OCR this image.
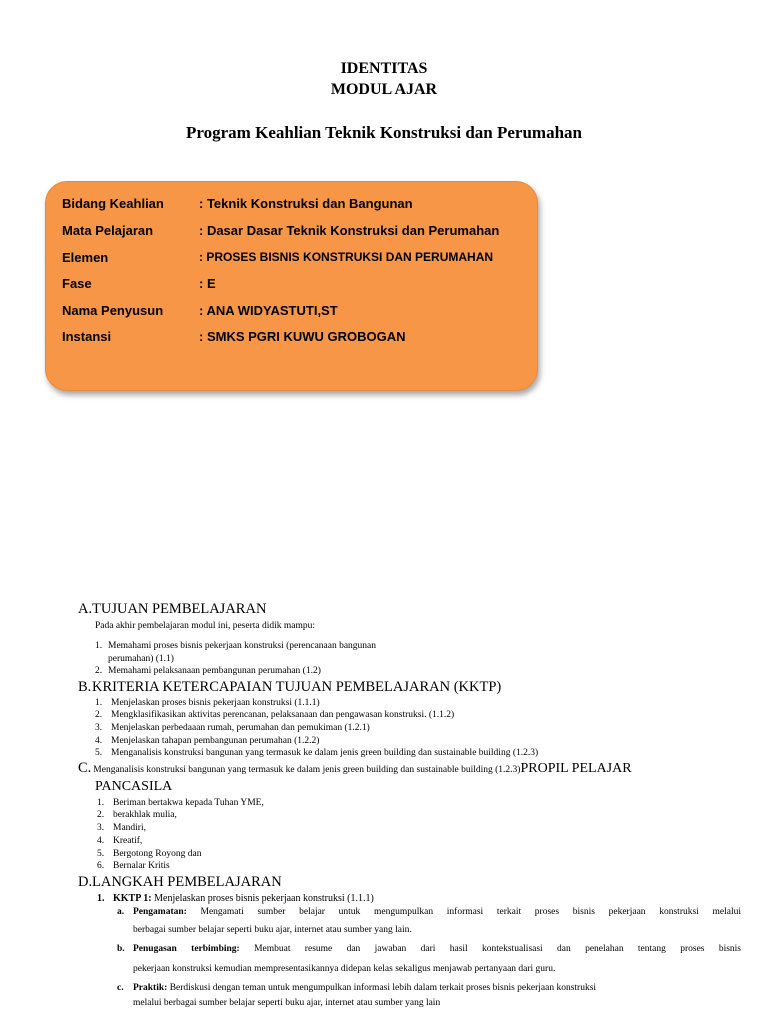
IDENTITAS
MODUL AJAR
Program Keahlian Teknik Konstruksi dan Perumahan
Bidang Keahlian	: Teknik Konstruksi dan Bangunan
Mata Pelajaran	: Dasar Dasar Teknik Konstruksi dan Perumahan
Elemen	: PROSES BISNIS KONSTRUKSI DAN PERUMAHAN
Fase	: E
Nama Penyusun	: ANA WIDYASTUTI,ST
Instansi	: SMKS PGRI KUWU GROBOGAN
A.TUJUAN PEMBELAJARAN
Pada akhir pembelajaran modul ini, peserta didik mampu:
1. Memahami proses bisnis pekerjaan konstruksi (perencanaan bangunan
perumahan) (1.1)
2. Memahami pelaksanaan pembangunan perumahan (1.2)
B.KRITERIA KETERCAPAIAN TUJUAN PEMBELAJARAN (KKTP)
1. Menjelaskan proses bisnis pekerjaan konstruksi (1.1.1)
2. Mengklasifikasikan aktivitas perencanan, pelaksanaan dan pengawasan konstruksi. (1.1.2)
3. Menjelaskan perbedaaan rumah, perumahan dan pemukiman (1.2.1)
4. Menjelaskan tahapan pembangunan perumahan (1.2.2)
5. Menganalisis konstruksi bangunan yang termasuk ke dalam jenis green building dan sustainable building (1.2.3)
C. Menganalisis konstruksi bangunan yang termasuk ke dalam jenis green building dan sustainable building (1.2.3)PROPIL PELAJAR
PANCASILA
1. Beriman bertakwa kepada Tuhan YME,
2. berakhlak mulia,
3. Mandiri,
4. Kreatif,
5. Bergotong Royong dan
6. Bernalar Kritis
D.LANGKAH PEMBELAJARAN
1. KKTP 1: Menjelaskan proses bisnis pekerjaan konstruksi (1.1.1)
a. Pengamatan: Mengamati sumber belajar untuk mengumpulkan informasi terkait proses bisnis pekerjaan konstruksi melalui
berbagai sumber belajar seperti buku ajar, internet atau sumber yang lain.
b. Penugasan terbimbing: Membuat resume dan jawaban dari hasil kontekstualisasi dan penelahan tentang proses bisnis
pekerjaan konstruksi kemudian mempresentasikannya didepan kelas sekaligus menjawab pertanyaan dari guru.
c. Praktik: Berdiskusi dengan teman untuk mengumpulkan informasi lebih dalam terkait proses bisnis pekerjaan konstruksi
melalui berbagai sumber belajar seperti buku ajar, internet atau sumber yang lain
